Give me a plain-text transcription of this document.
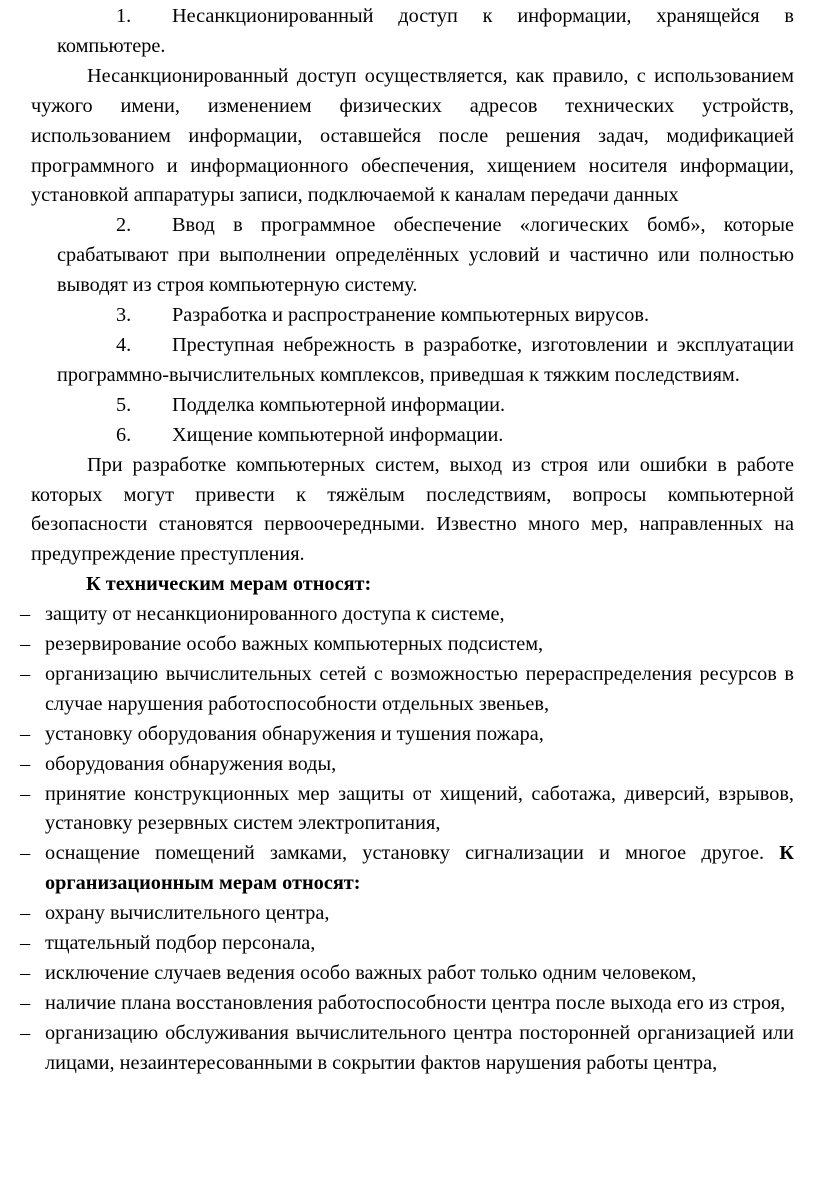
1. Несанкционированный доступ к информации, хранящейся в компьютере.

Несанкционированный доступ осуществляется, как правило, с использованием чужого имени, изменением физических адресов технических устройств, использованием информации, оставшейся после решения задач, модификацией программного и информационного обеспечения, хищением носителя информации, установкой аппаратуры записи, подключаемой к каналам передачи данных

2. Ввод в программное обеспечение «логических бомб», которые срабатывают при выполнении определённых условий и частично или полностью выводят из строя компьютерную систему.

3. Разработка и распространение компьютерных вирусов.

4. Преступная небрежность в разработке, изготовлении и эксплуатации программно-вычислительных комплексов, приведшая к тяжким последствиям.

5. Подделка компьютерной информации.

6. Хищение компьютерной информации.

При разработке компьютерных систем, выход из строя или ошибки в работе которых могут привести к тяжёлым последствиям, вопросы компьютерной безопасности становятся первоочередными. Известно много мер, направленных на предупреждение преступления.

К техническим мерам относят:

– защиту от несанкционированного доступа к системе,

– резервирование особо важных компьютерных подсистем,

– организацию вычислительных сетей с возможностью перераспределения ресурсов в случае нарушения работоспособности отдельных звеньев,

– установку оборудования обнаружения и тушения пожара,

– оборудования обнаружения воды,

– принятие конструкционных мер защиты от хищений, саботажа, диверсий, взрывов, установку резервных систем электропитания,

– оснащение помещений замками, установку сигнализации и многое другое. К организационным мерам относят:

– охрану вычислительного центра,

– тщательный подбор персонала,

– исключение случаев ведения особо важных работ только одним человеком,

– наличие плана восстановления работоспособности центра после выхода его из строя,

– организацию обслуживания вычислительного центра посторонней организацией или лицами, незаинтересованными в сокрытии фактов нарушения работы центра,
